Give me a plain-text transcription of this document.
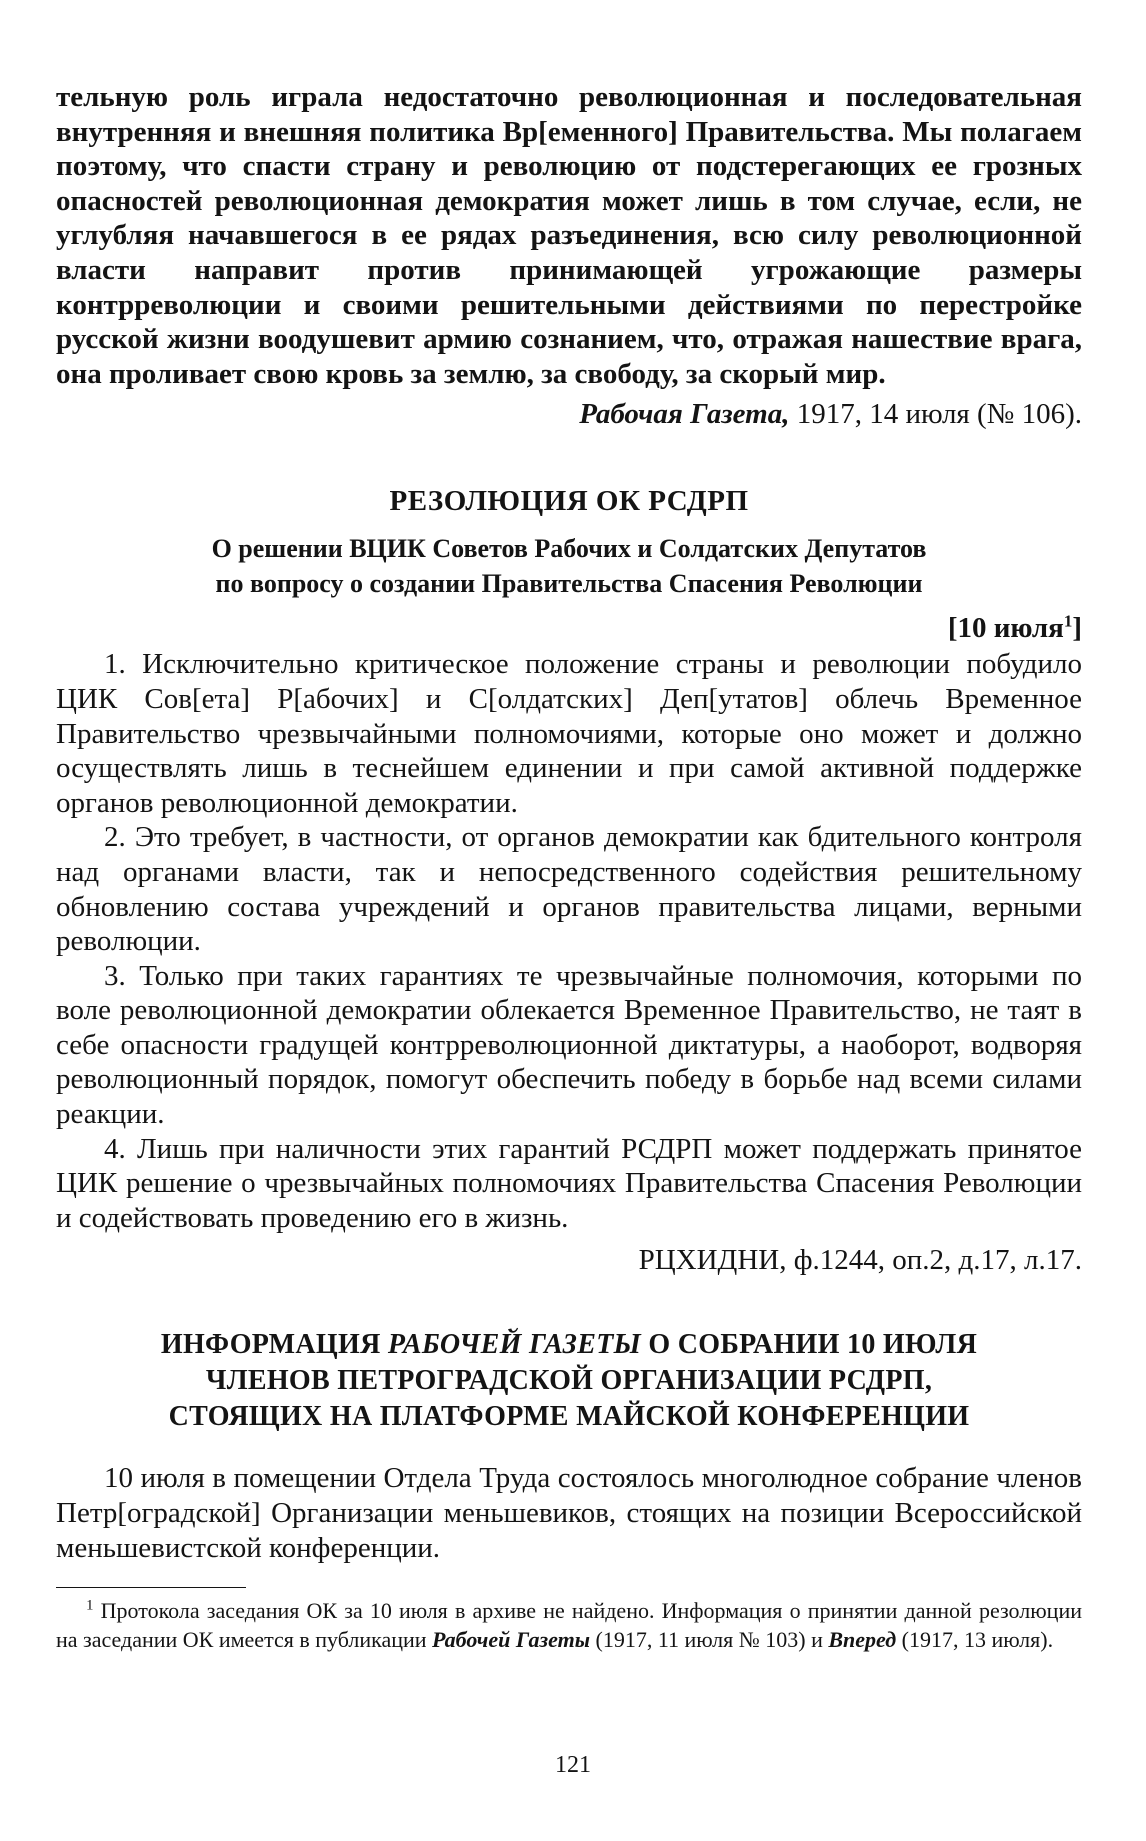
тельную роль играла недостаточно революционная и последовательная внутренняя и внешняя политика Вр[еменного] Правительства. Мы полагаем поэтому, что спасти страну и революцию от подстерегающих ее грозных опасностей революционная демократия может лишь в том случае, если, не углубляя начавшегося в ее рядах разъединения, всю силу революционной власти направит против принимающей угрожающие размеры контрреволюции и своими решительными действиями по перестройке русской жизни воодушевит армию сознанием, что, отражая нашествие врага, она проливает свою кровь за землю, за свободу, за скорый мир.

Рабочая Газета, 1917, 14 июля (№ 106).

РЕЗОЛЮЦИЯ ОК РСДРП

О решении ВЦИК Советов Рабочих и Солдатских Депутатов
по вопросу о создании Правительства Спасения Революции

[10 июля$^1$]

1. Исключительно критическое положение страны и революции побудило ЦИК Сов[ета] Р[абочих] и С[олдатских] Деп[утатов] облечь Временное Правительство чрезвычайными полномочиями, которые оно может и должно осуществлять лишь в теснейшем единении и при самой активной поддержке органов революционной демократии.

2. Это требует, в частности, от органов демократии как бдительного контроля над органами власти, так и непосредственного содействия решительному обновлению состава учреждений и органов правительства лицами, верными революции.

3. Только при таких гарантиях те чрезвычайные полномочия, которыми по воле революционной демократии облекается Временное Правительство, не таят в себе опасности градущей контрреволюционной диктатуры, а наоборот, водворяя революционный порядок, помогут обеспечить победу в борьбе над всеми силами реакции.

4. Лишь при наличности этих гарантий РСДРП может поддержать принятое ЦИК решение о чрезвычайных полномочиях Правительства Спасения Революции и содействовать проведению его в жизнь.

РЦХИДНИ, ф.1244, оп.2, д.17, л.17.

ИНФОРМАЦИЯ РАБОЧЕЙ ГАЗЕТЫ О СОБРАНИИ 10 ИЮЛЯ
ЧЛЕНОВ ПЕТРОГРАДСКОЙ ОРГАНИЗАЦИИ РСДРП,
СТОЯЩИХ НА ПЛАТФОРМЕ МАЙСКОЙ КОНФЕРЕНЦИИ

10 июля в помещении Отдела Труда состоялось многолюдное собрание членов Петр[оградской] Организации меньшевиков, стоящих на позиции Всероссийской меньшевистской конференции.

$^1$ Протокола заседания ОК за 10 июля в архиве не найдено. Информация о принятии данной резолюции на заседании ОК имеется в публикации Рабочей Газеты (1917, 11 июля № 103) и Вперед (1917, 13 июля).

121
